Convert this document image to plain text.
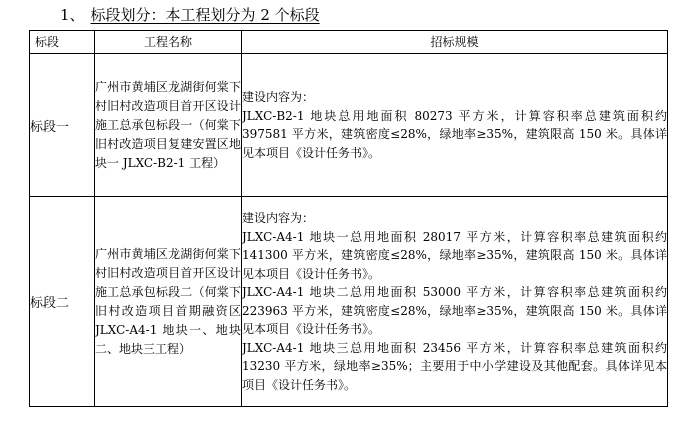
1、 标段划分：本工程划分为 2 个标段
标段	工程名称	招标规模
标段一	广州市黄埔区龙湖街何棠下村旧村改造项目首开区设计施工总承包标段一（何棠下旧村改造项目复建安置区地块一 JLXC-B2-1 工程）	建设内容为：
JLXC-B2-1 地块总用地面积 80273 平方米，计算容积率总建筑面积约 397581 平方米，建筑密度≤28%，绿地率≥35%，建筑限高 150 米。具体详见本项目《设计任务书》。

标段二	广州市黄埔区龙湖街何棠下村旧村改造项目首开区设计施工总承包标段二（何棠下旧村改造项目首期融资区 JLXC-A4-1 地块一、地块二、地块三工程）	建设内容为：
JLXC-A4-1 地块一总用地面积 28017 平方米，计算容积率总建筑面积约 141300 平方米，建筑密度≤28%，绿地率≥35%，建筑限高 150 米。具体详见本项目《设计任务书》。
JLXC-A4-1 地块二总用地面积 53000 平方米，计算容积率总建筑面积约 223963 平方米，建筑密度≤28%，绿地率≥35%，建筑限高 150 米。具体详见本项目《设计任务书》。
JLXC-A4-1 地块三总用地面积 23456 平方米，计算容积率总建筑面积约 13230 平方米，绿地率≥35%；主要用于中小学建设及其他配套。具体详见本项目《设计任务书》。
